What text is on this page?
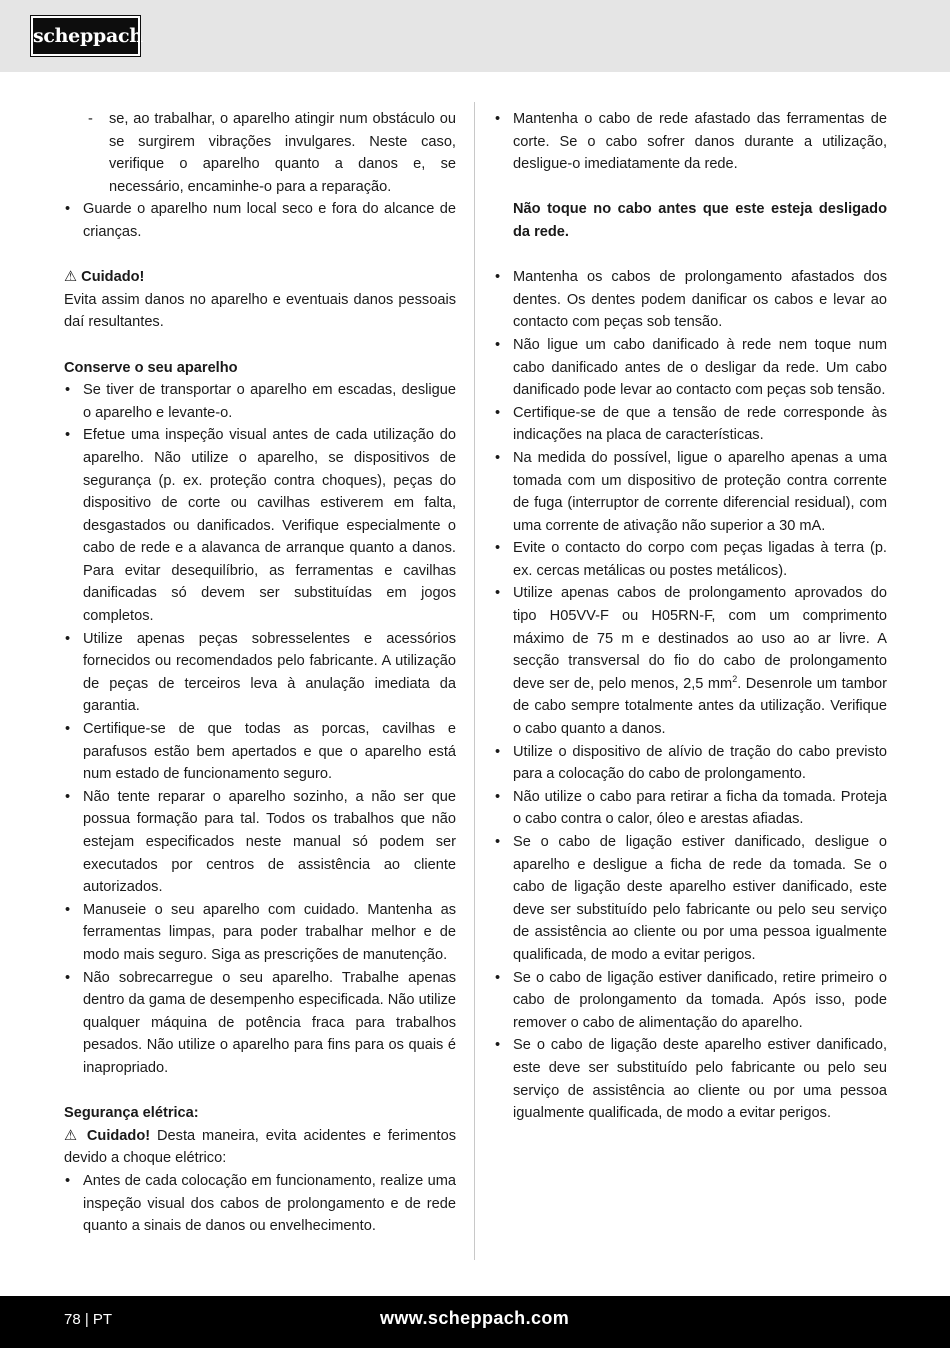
scheppach
- se, ao trabalhar, o aparelho atingir num obstáculo ou se surgirem vibrações invulgares. Neste caso, verifique o aparelho quanto a danos e, se necessário, encaminhe-o para a reparação.
• Guarde o aparelho num local seco e fora do alcance de crianças.

⚠ Cuidado!

Evita assim danos no aparelho e eventuais danos pessoais daí resultantes.

Conserve o seu aparelho

• Se tiver de transportar o aparelho em escadas, desligue o aparelho e levante-o.
• Efetue uma inspeção visual antes de cada utilização do aparelho. Não utilize o aparelho, se dispositivos de segurança (p. ex. proteção contra choques), peças do dispositivo de corte ou cavilhas estiverem em falta, desgastados ou danificados. Verifique especialmente o cabo de rede e a alavanca de arranque quanto a danos. Para evitar desequilíbrio, as ferramentas e cavilhas danificadas só devem ser substituídas em jogos completos.
• Utilize apenas peças sobresselentes e acessórios fornecidos ou recomendados pelo fabricante. A utilização de peças de terceiros leva à anulação imediata da garantia.
• Certifique-se de que todas as porcas, cavilhas e parafusos estão bem apertados e que o aparelho está num estado de funcionamento seguro.
• Não tente reparar o aparelho sozinho, a não ser que possua formação para tal. Todos os trabalhos que não estejam especificados neste manual só podem ser executados por centros de assistência ao cliente autorizados.
• Manuseie o seu aparelho com cuidado. Mantenha as ferramentas limpas, para poder trabalhar melhor e de modo mais seguro. Siga as prescrições de manutenção.
• Não sobrecarregue o seu aparelho. Trabalhe apenas dentro da gama de desempenho especificada. Não utilize qualquer máquina de potência fraca para trabalhos pesados. Não utilize o aparelho para fins para os quais é inapropriado.

Segurança elétrica:

⚠ Cuidado! Desta maneira, evita acidentes e ferimentos devido a choque elétrico:

• Antes de cada colocação em funcionamento, realize uma inspeção visual dos cabos de prolongamento e de rede quanto a sinais de danos ou envelhecimento.
• Mantenha o cabo de rede afastado das ferramentas de corte. Se o cabo sofrer danos durante a utilização, desligue-o imediatamente da rede.

Não toque no cabo antes que este esteja desligado da rede.

• Mantenha os cabos de prolongamento afastados dos dentes. Os dentes podem danificar os cabos e levar ao contacto com peças sob tensão.
• Não ligue um cabo danificado à rede nem toque num cabo danificado antes de o desligar da rede. Um cabo danificado pode levar ao contacto com peças sob tensão.
• Certifique-se de que a tensão de rede corresponde às indicações na placa de características.
• Na medida do possível, ligue o aparelho apenas a uma tomada com um dispositivo de proteção contra corrente de fuga (interruptor de corrente diferencial residual), com uma corrente de ativação não superior a 30 mA.
• Evite o contacto do corpo com peças ligadas à terra (p. ex. cercas metálicas ou postes metálicos).
• Utilize apenas cabos de prolongamento aprovados do tipo H05VV-F ou H05RN-F, com um comprimento máximo de 75 m e destinados ao uso ao ar livre. A secção transversal do fio do cabo de prolongamento deve ser de, pelo menos, 2,5 $mm^2$. Desenrole um tambor de cabo sempre totalmente antes da utilização. Verifique o cabo quanto a danos.
• Utilize o dispositivo de alívio de tração do cabo previsto para a colocação do cabo de prolongamento.
• Não utilize o cabo para retirar a ficha da tomada. Proteja o cabo contra o calor, óleo e arestas afiadas.
• Se o cabo de ligação estiver danificado, desligue o aparelho e desligue a ficha de rede da tomada. Se o cabo de ligação deste aparelho estiver danificado, este deve ser substituído pelo fabricante ou pelo seu serviço de assistência ao cliente ou por uma pessoa igualmente qualificada, de modo a evitar perigos.
• Se o cabo de ligação estiver danificado, retire primeiro o cabo de prolongamento da tomada. Após isso, pode remover o cabo de alimentação do aparelho.
• Se o cabo de ligação deste aparelho estiver danificado, este deve ser substituído pelo fabricante ou pelo seu serviço de assistência ao cliente ou por uma pessoa igualmente qualificada, de modo a evitar perigos.
78 | PT	www.scheppach.com
